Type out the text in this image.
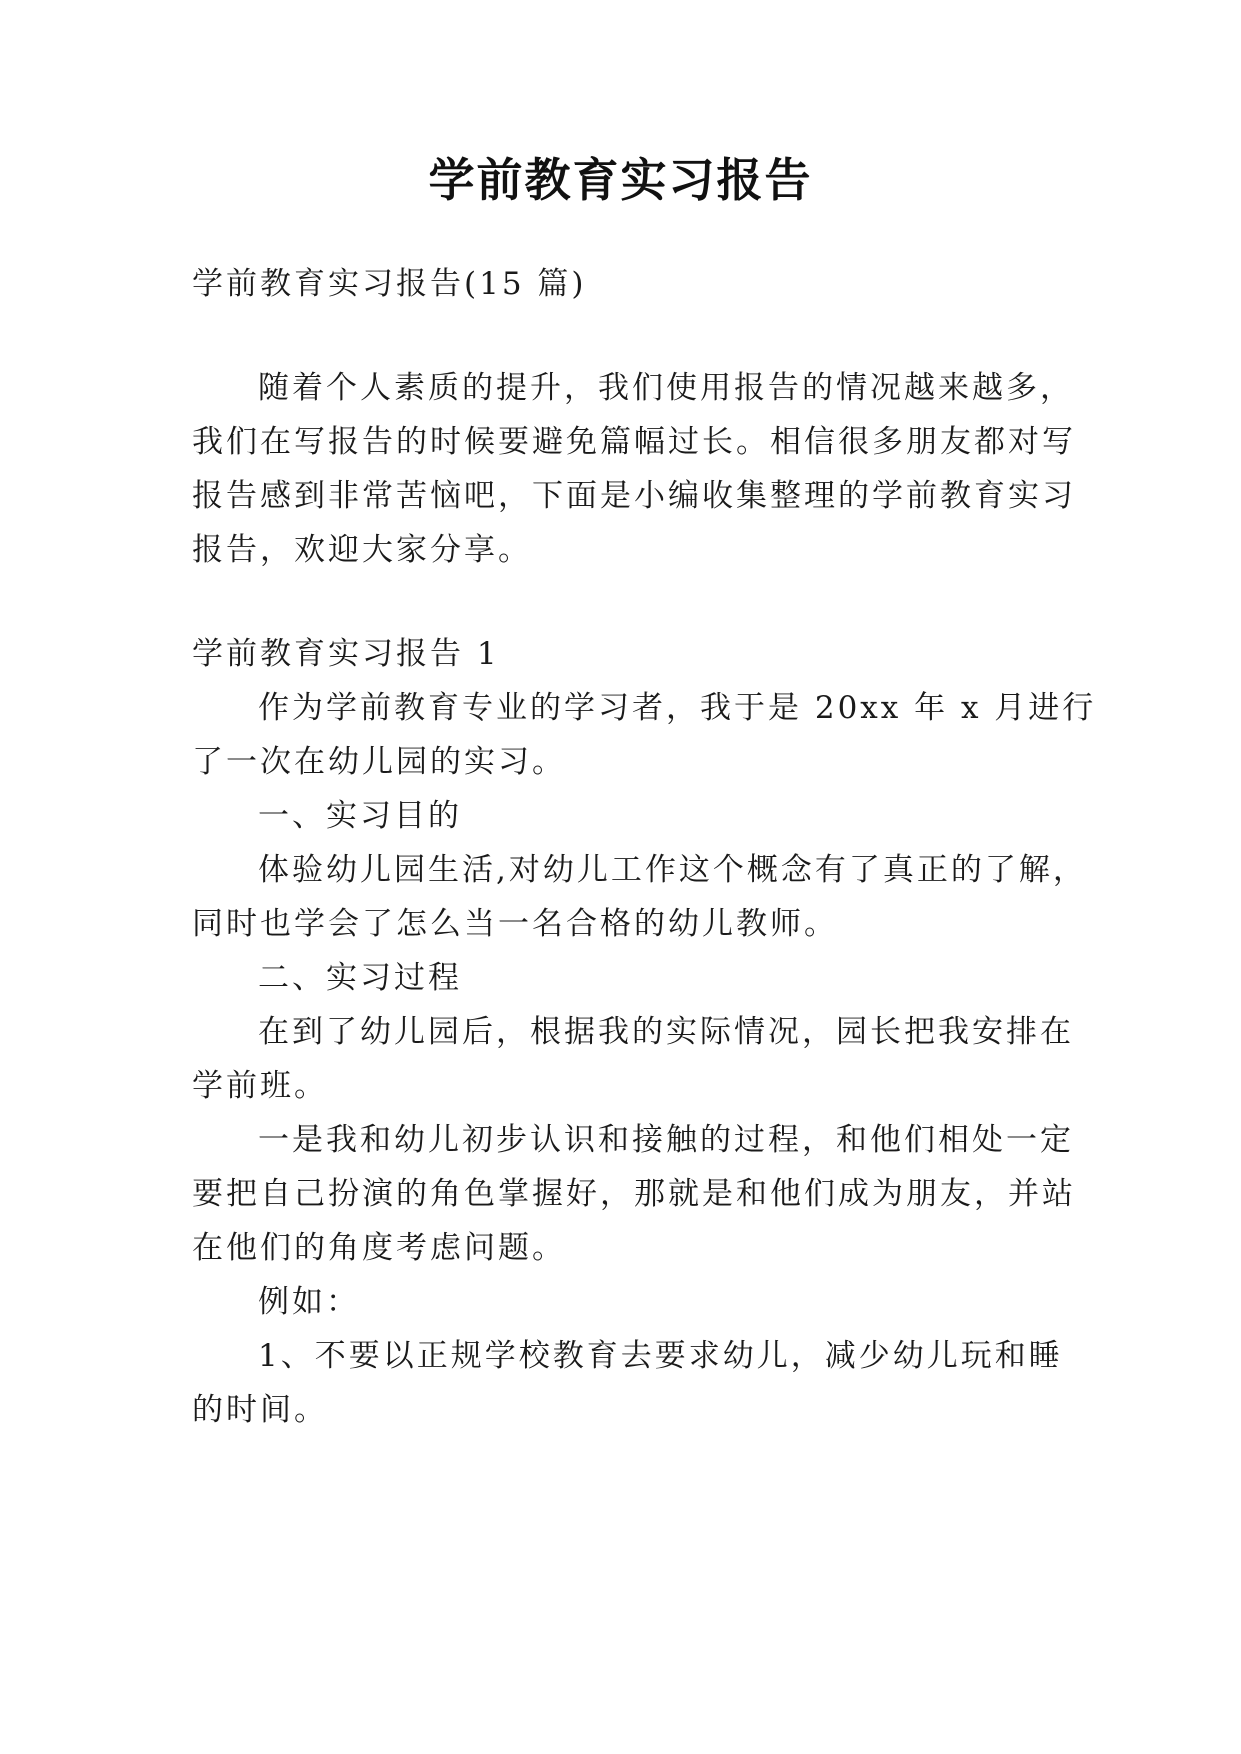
学前教育实习报告
学前教育实习报告(15 篇)
随着个人素质的提升，我们使用报告的情况越来越多，
我们在写报告的时候要避免篇幅过长。相信很多朋友都对写
报告感到非常苦恼吧，下面是小编收集整理的学前教育实习
报告，欢迎大家分享。
学前教育实习报告 1
作为学前教育专业的学习者，我于是 20xx 年 x 月进行
了一次在幼儿园的实习。
一、实习目的
体验幼儿园生活,对幼儿工作这个概念有了真正的了解，
同时也学会了怎么当一名合格的幼儿教师。
二、实习过程
在到了幼儿园后，根据我的实际情况，园长把我安排在
学前班。
一是我和幼儿初步认识和接触的过程，和他们相处一定
要把自己扮演的角色掌握好，那就是和他们成为朋友，并站
在他们的角度考虑问题。
例如：
1、不要以正规学校教育去要求幼儿，减少幼儿玩和睡
的时间。
